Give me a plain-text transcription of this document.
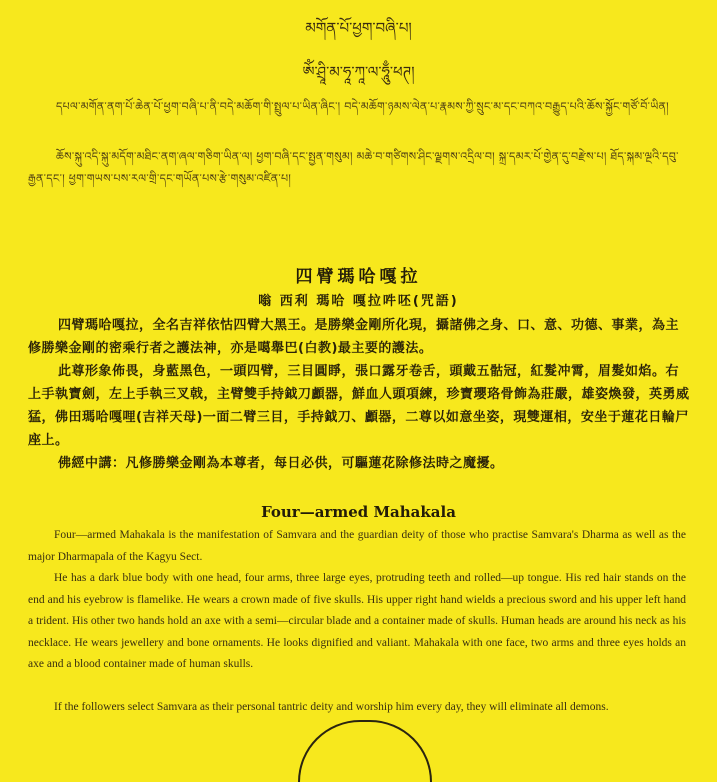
མགོན་པོ་ཕྱག་བཞི་པ།
ཨོཾ་ཤྲཱི་མ་ཧཱ་ཀཱ་ལ་ཧཱུྃ་ཕཊ།
དཔལ་མགོན་ནག་པོ་ཆེན་པོ་ཕྱག་བཞི་པ་ནི་བདེ་མཆོག་གི་སྤྲུལ་པ་ཡིན་ཞིང་། བདེ་མཆོག་ཉམས་ལེན་པ་རྣམས་ཀྱི་སྲུང་མ་དང་བཀའ་བརྒྱུད་པའི་ཆོས་སྐྱོང་གཙོ་བོ་ཡིན།
ཆོས་སྐུ་འདི་སྐུ་མདོག་མཐིང་ནག་ཞལ་གཅིག་ཡིན་ལ། ཕྱག་བཞི་དང་སྤྱན་གསུམ། མཆེ་བ་གཙིགས་ཤིང་ལྗགས་འདྲིལ་བ། སྐྲ་དམར་པོ་གྱེན་དུ་བརྫེས་པ། ཐོད་སྐམ་ལྔའི་དབུ་རྒྱན་དང་། ཕྱག་གཡས་པས་རལ་གྲི་དང་གཡོན་པས་རྩེ་གསུམ་འཛིན་པ།
四臂瑪哈嘎拉
嗡 西利 瑪哈 嘎拉吽呸(咒語)
四臂瑪哈嘎拉，全名吉祥依怙四臂大黑王。是勝樂金剛所化現，攝諸佛之身、口、意、功德、事業，為主修勝樂金剛的密乘行者之護法神，亦是噶舉巴(白教)最主要的護法。
此尊形象佈畏，身藍黑色，一頭四臂，三目圓睜，張口露牙卷舌，頭戴五骷冠，紅髮冲霄，眉髮如焰。右上手執寶劍，左上手執三叉戟，主臂雙手持鉞刀顱器，鮮血人頭項練，珍寶瓔珞骨飾為莊嚴，雄姿煥發，英勇威猛，佛田瑪哈嘎哩(吉祥天母)一面二臂三目，手持鉞刀、顱器，二尊以如意坐姿，現雙運相，安坐于蓮花日輪尸座上。
佛經中講：凡修勝樂金剛為本尊者，每日必供，可驅蓮花除修法時之魔擾。
Four—armed Mahakala
Four—armed Mahakala is the manifestation of Samvara and the guardian deity of those who practise Samvara's Dharma as well as the major Dharmapala of the Kagyu Sect.
He has a dark blue body with one head, four arms, three large eyes, protruding teeth and rolled—up tongue. His red hair stands on the end and his eyebrow is flamelike. He wears a crown made of five skulls. His upper right hand wields a precious sword and his upper left hand a trident. His other two hands hold an axe with a semi—circular blade and a container made of skulls. Human heads are around his neck as his necklace. He wears jewellery and bone ornaments. He looks dignified and valiant. Mahakala with one face, two arms and three eyes holds an axe and a blood container made of human skulls.
If the followers select Samvara as their personal tantric deity and worship him every day, they will eliminate all demons.
